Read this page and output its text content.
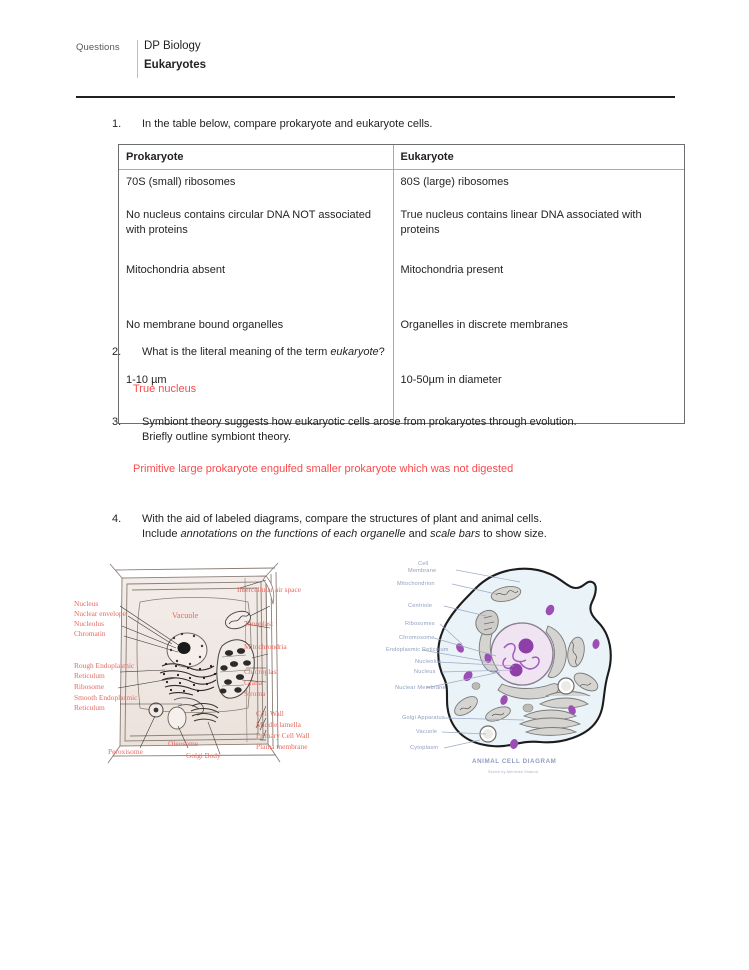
Questions	DP Biology
Eukaryotes
1.	In the table below, compare prokaryote and eukaryote cells.
Prokaryote	Eukaryote
70S (small) ribosomes	80S (large) ribosomes
No nucleus contains circular DNA NOT associated with proteins	True nucleus contains linear DNA associated with proteins
Mitochondria absent	Mitochondria present
No membrane bound organelles	Organelles in discrete membranes
1-10 µm	10-50µm in diameter
2.	What is the literal meaning of the term eukaryote?
True nucleus
3.	Symbiont theory suggests how eukaryotic cells arose from prokaryotes through evolution.
Briefly outline symbiont theory.
Primitive large prokaryote engulfed smaller prokaryote which was not digested
4.	With the aid of labeled diagrams, compare the structures of plant and animal cells.
Include annotations on the functions of each organelle and scale bars to show size.
Nucleus
Nuclear envelope
Nucleolus
Chromatin
Rough Endoplasmic
Reticulum
Ribosome
Smooth Endoplasmic
Reticulum
Peroxisome
Oleosome
Golgi Body
Vacuole
Intercellular air space
Tonoplast
Mitochrondria
Chloroplast
Grana
Stroma
Cell Wall
Middle lamella
Primary Cell Wall
Plama membrane
Cell
Membrane
Mitochondrion
Centriole
Ribosomes
Chromosome
Endoplasmic Reticulum
Nucleolus
Nucleus
Nuclear Membrane
Golgi Apparatus
Vacuole
Cytoplasm
ANIMAL CELL DIAGRAM
Sketch by Abhishek Sharma
